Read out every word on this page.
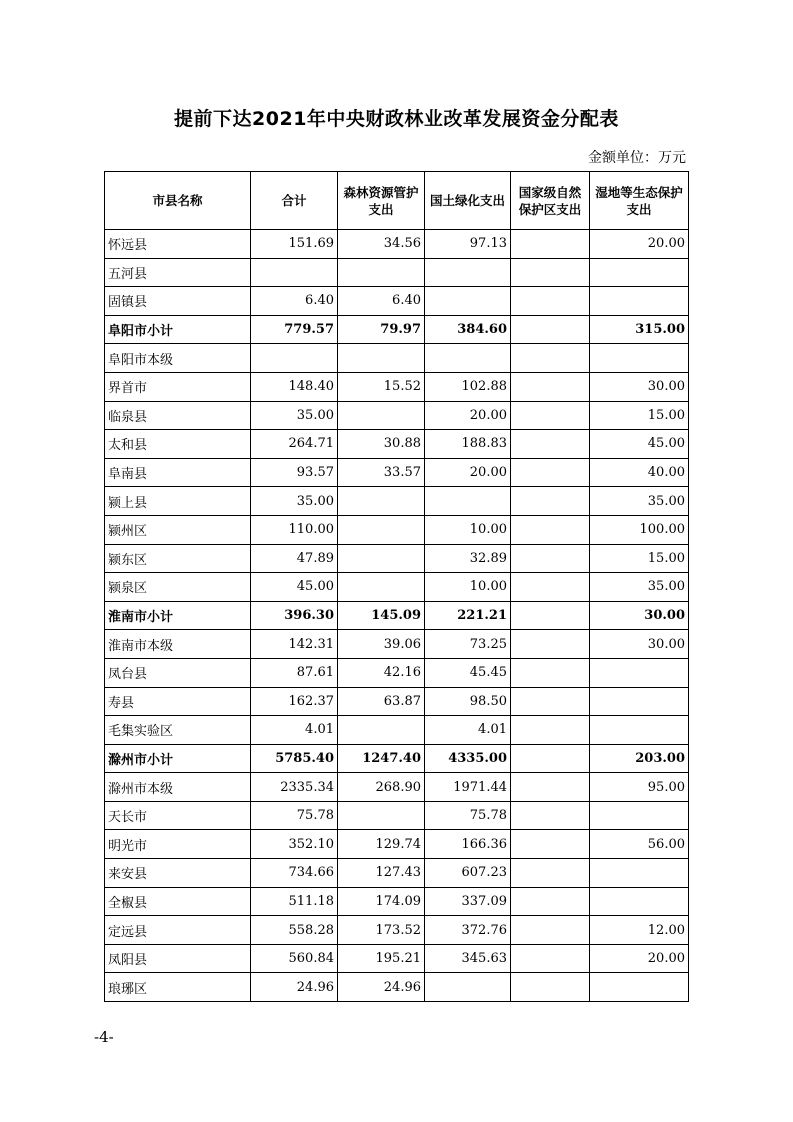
提前下达2021年中央财政林业改革发展资金分配表
金额单位：万元
市县名称	合计	森林资源管护支出	国土绿化支出	国家级自然保护区支出	湿地等生态保护支出
怀远县	151.69	34.56	97.13		20.00
五河县					
固镇县	6.40	6.40			
阜阳市小计	779.57	79.97	384.60		315.00
阜阳市本级					
界首市	148.40	15.52	102.88		30.00
临泉县	35.00		20.00		15.00
太和县	264.71	30.88	188.83		45.00
阜南县	93.57	33.57	20.00		40.00
颍上县	35.00				35.00
颍州区	110.00		10.00		100.00
颍东区	47.89		32.89		15.00
颍泉区	45.00		10.00		35.00
淮南市小计	396.30	145.09	221.21		30.00
淮南市本级	142.31	39.06	73.25		30.00
凤台县	87.61	42.16	45.45		
寿县	162.37	63.87	98.50		
毛集实验区	4.01		4.01		
滁州市小计	5785.40	1247.40	4335.00		203.00
滁州市本级	2335.34	268.90	1971.44		95.00
天长市	75.78		75.78		
明光市	352.10	129.74	166.36		56.00
来安县	734.66	127.43	607.23		
全椒县	511.18	174.09	337.09		
定远县	558.28	173.52	372.76		12.00
凤阳县	560.84	195.21	345.63		20.00
琅琊区	24.96	24.96			
-4-
